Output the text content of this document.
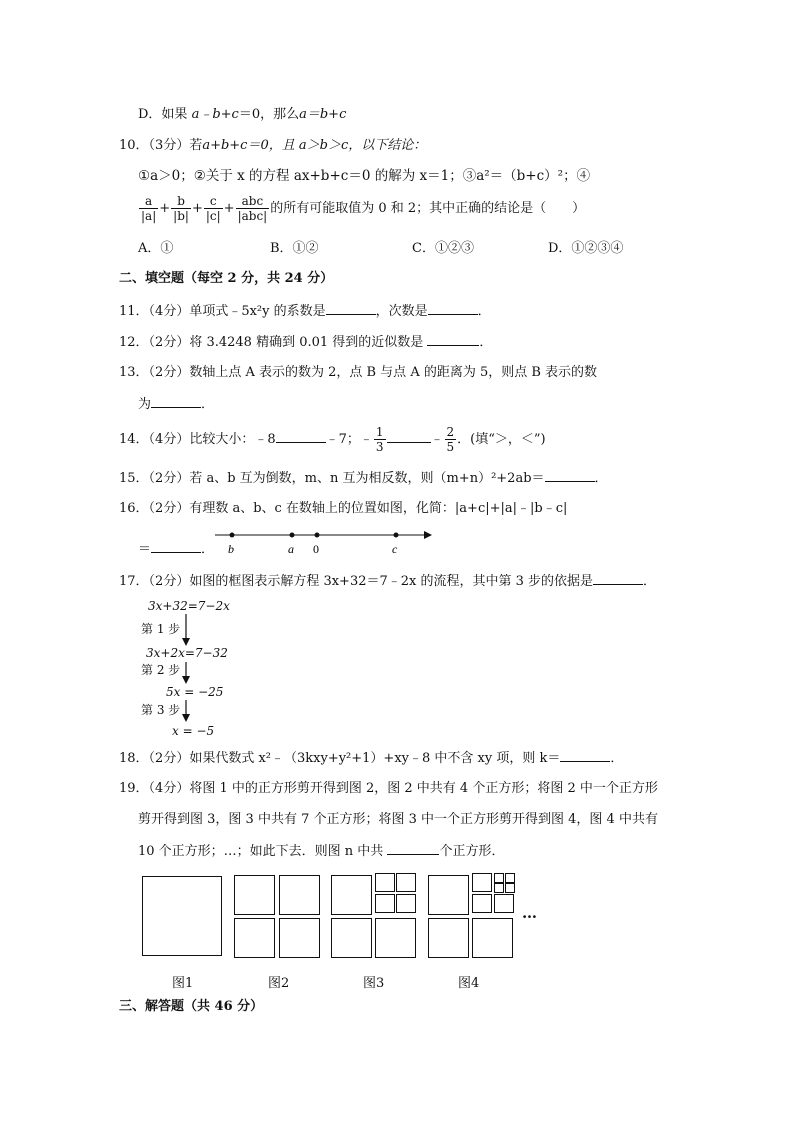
D．如果 a﹣b+c＝0，那么a＝b+c
10．（3分）若a+b+c＝0，且 a＞b＞c，以下结论：
①a＞0；②关于 x 的方程 ax+b+c＝0 的解为 x＝1；③a²＝（b+c）²；④
$\frac{a}{|a|} + \frac{b}{|b|} + \frac{c}{|c|} + \frac{\text{abc}}{\text{|abc|}}$ 的所有可能取值为 0 和 2；其中正确的结论是（　　）
A．①	B．①②	C．①②③	D．①②③④
二、填空题（每空 2 分，共 24 分）
11．（4分）单项式﹣5x²y 的系数是	，次数是	．
12．（2分）将 3.4248 精确到 0.01 得到的近似数是	．
13．（2分）数轴上点 A 表示的数为 2，点 B 与点 A 的距离为 5，则点 B 表示的数
为	．
14．（4分）比较大小：﹣8	﹣7；﹣ $\frac{1}{3}$	﹣ $\frac{2}{5}$ ．(填“＞，＜”)
15．（2分）若 a、b 互为倒数，m、n 互为相反数，则（m+n）²+2ab＝	．
16．（2分）有理数 a、b、c 在数轴上的位置如图，化简：|a+c|+|a|﹣|b﹣c|
＝	． b	a 0	c
17．（2分）如图的框图表示解方程 3x+32＝7﹣2x 的流程，其中第 3 步的依据是	．
3x+32=7−2x
第 1 步
3x+2x=7−32
第 2 步
5x = −25
第 3 步
x = −5
18．（2分）如果代数式 x²﹣（3kxy+y²+1）+xy﹣8 中不含 xy 项，则 k＝	．
19．（4分）将图 1 中的正方形剪开得到图 2，图 2 中共有 4 个正方形；将图 2 中一个正方形
剪开得到图 3，图 3 中共有 7 个正方形；将图 3 中一个正方形剪开得到图 4，图 4 中共有
10 个正方形；…；如此下去．则图 n 中共	个正方形．
…
图1	图2	图3	图4
三、解答题（共 46 分）
